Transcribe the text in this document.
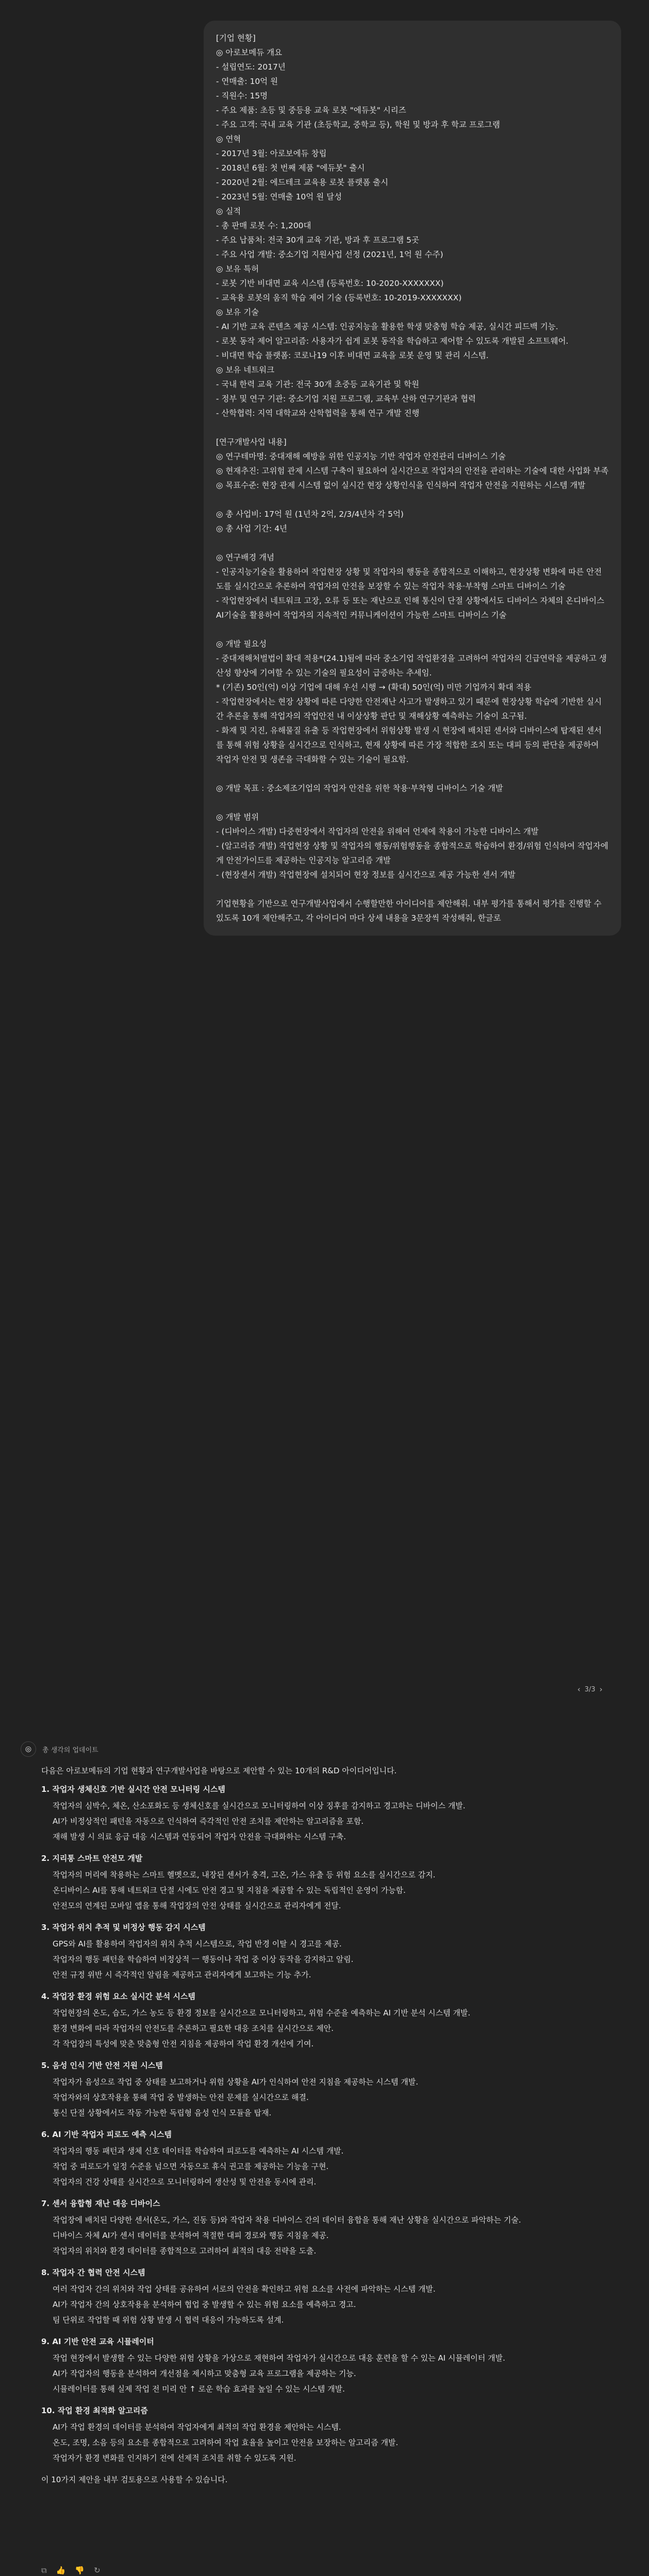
[기업 현황]
◎ 아로보메듀 개요
- 설립연도: 2017년
- 연매출: 10억 원
- 직원수: 15명
- 주요 제품: 초등 및 중등용 교육 로봇 "에듀봇" 시리즈
- 주요 고객: 국내 교육 기관 (초등학교, 중학교 등), 학원 및 방과 후 학교 프로그램
◎ 연혁
- 2017년 3월: 아로보에듀 창립
- 2018년 6월: 첫 번째 제품 "에듀봇" 출시
- 2020년 2월: 에드테크 교육용 로봇 플랫폼 출시
- 2023년 5월: 연매출 10억 원 달성
◎ 실적
- 총 판매 로봇 수: 1,200대
- 주요 납품처: 전국 30개 교육 기관, 방과 후 프로그램 5곳
- 주요 사업 개발: 중소기업 지원사업 선정 (2021년, 1억 원 수주)
◎ 보유 특허
- 로봇 기반 비대면 교육 시스템 (등록번호: 10-2020-XXXXXXX)
- 교육용 로봇의 움직 학습 제어 기술 (등록번호: 10-2019-XXXXXXX)
◎ 보유 기술
- AI 기반 교육 콘텐츠 제공 시스템: 인공지능을 활용한 학생 맞춤형 학습 제공, 실시간 피드백 기능.
- 로봇 동작 제어 알고리즘: 사용자가 쉽게 로봇 동작을 학습하고 제어할 수 있도록 개발된 소프트웨어.
- 비대면 학습 플랫폼: 코로나19 이후 비대면 교육을 로봇 운영 및 관리 시스템.
◎ 보유 네트워크
- 국내 한력 교육 기관: 전국 30개 초중등 교육기관 및 학원
- 정부 및 연구 기관: 중소기업 지원 프로그램, 교육부 산하 연구기관과 협력
- 산학협력: 지역 대학교와 산학협력을 통해 연구 개발 진행
[연구개발사업 내용]
◎ 연구테마명: 중대재해 예방을 위한 인공지능 기반 작업자 안전관리 디바이스 기술
◎ 현재추진: 고위험 관제 시스템 구축이 필요하여 실시간으로 작업자의 안전을 관리하는 기술에 대한 사업화 부족
◎ 목표수준: 현장 관제 시스템 없이 실시간 현장 상황인식을 인식하여 작업자 안전을 지원하는 시스템 개발
◎ 총 사업비: 17억 원 (1년차 2억, 2/3/4년차 각 5억)
◎ 총 사업 기간: 4년
◎ 연구배경 개념
- 인공지능기술을 활용하여 작업현장 상황 및 작업자의 행동을 종합적으로 이해하고, 현장상황 변화에 따른 안전도를 실시간으로 추론하여 작업자의 안전을 보장할 수 있는 작업자 착용·부착형 스마트 디바이스 기술
- 작업현장에서 네트워크 고장, 오류 등 또는 재난으로 인해 통신이 단절 상황에서도 디바이스 자체의 온디바이스 AI기술을 활용하여 작업자의 지속적인 커뮤니케이션이 가능한 스마트 디바이스 기술
◎ 개발 필요성
- 중대재해처벌법이 확대 적용*(24.1)됨에 따라 중소기업 작업환경을 고려하여 작업자의 긴급연락을 제공하고 생산성 향상에 기여할 수 있는 기술의 필요성이 급증하는 추세임.
* (기존) 50인(억) 이상 기업에 대해 우선 시행 → (확대) 50인(억) 미만 기업까지 확대 적용
- 작업현장에서는 현장 상황에 따른 다양한 안전재난 사고가 발생하고 있기 때문에 현장상황 학습에 기반한 실시간 추론을 통해 작업자의 작업안전 내 이상상황 판단 및 재해상황 예측하는 기술이 요구됨.
- 화재 및 지진, 유해물질 유출 등 작업현장에서 위험상황 발생 시 현장에 배치된 센서와 디바이스에 탑재된 센서를 통해 위험 상황을 실시간으로 인식하고, 현재 상황에 따른 가장 적합한 조치 또는 대피 등의 판단을 제공하여 작업자 안전 및 생존을 극대화할 수 있는 기술이 필요함.
◎ 개발 목표 : 중소제조기업의 작업자 안전을 위한 착용·부착형 디바이스 기술 개발
◎ 개발 범위
- (디바이스 개발) 다중현장에서 작업자의 안전을 위해여 언제에 착용이 가능한 디바이스 개발
- (알고리즘 개발) 작업현장 상황 및 작업자의 행동/위험행동을 종합적으로 학습하여 환경/위험 인식하여 작업자에게 안전가이드를 제공하는 인공지능 알고리즘 개발
- (현장센서 개발) 작업현장에 설치되어 현장 정보를 실시간으로 제공 가능한 센서 개발
기업현황을 기반으로 연구개발사업에서 수행할만한 아이디어를 제안해줘. 내부 평가를 통해서 평가를 진행할 수 있도록 10개 제안해주고, 각 아이디어 마다 상세 내용을 3문장씩 작성해줘, 한글로
‹ 3/3 ›
◎	총 생각의 업데이트

다음은 아로보메듀의 기업 현황과 연구개발사업을 바탕으로 제안할 수 있는 10개의 R&D 아이디어입니다.

1. 작업자 생체신호 기반 실시간 안전 모니터링 시스템
작업자의 심박수, 체온, 산소포화도 등 생체신호를 실시간으로 모니터링하여 이상 징후를 감지하고 경고하는 디바이스 개발.
AI가 비정상적인 패턴을 자동으로 인식하여 즉각적인 안전 조치를 제안하는 알고리즘을 포함.
재해 발생 시 의료 응급 대응 시스템과 연동되어 작업자 안전을 극대화하는 시스템 구축.
2. 지리통 스마트 안전모 개발
작업자의 머리에 착용하는 스마트 헬멧으로, 내장된 센서가 충격, 고온, 가스 유출 등 위험 요소를 실시간으로 감지.
온디바이스 AI를 통해 네트워크 단절 시에도 안전 경고 및 지침을 제공할 수 있는 독립적인 운영이 가능함.
안전모의 연계된 모바일 앱을 통해 작업장의 안전 상태를 실시간으로 관리자에게 전달.
3. 작업자 위치 추적 및 비정상 행동 감지 시스템
GPS와 AI를 활용하여 작업자의 위치 추적 시스템으로, 작업 반경 이탈 시 경고를 제공.
작업자의 행동 패턴을 학습하여 비정상적 ㅡ 행동이나 작업 중 이상 동작을 감지하고 알림.
안전 규정 위반 시 즉각적인 알림을 제공하고 관리자에게 보고하는 기능 추가.
4. 작업장 환경 위험 요소 실시간 분석 시스템
작업현장의 온도, 습도, 가스 농도 등 환경 정보를 실시간으로 모니터링하고, 위험 수준을 예측하는 AI 기반 분석 시스템 개발.
환경 변화에 따라 작업자의 안전도를 추론하고 필요한 대응 조치를 실시간으로 제안.
각 작업장의 특성에 맞춘 맞춤형 안전 지침을 제공하여 작업 환경 개선에 기여.
5. 음성 인식 기반 안전 지원 시스템
작업자가 음성으로 작업 중 상태를 보고하거나 위험 상황을 AI가 인식하여 안전 지침을 제공하는 시스템 개발.
작업자와의 상호작용을 통해 작업 중 발생하는 안전 문제를 실시간으로 해결.
통신 단절 상황에서도 작동 가능한 독립형 음성 인식 모듈을 탑재.
6. AI 기반 작업자 피로도 예측 시스템
작업자의 행동 패턴과 생체 신호 데이터를 학습하여 피로도를 예측하는 AI 시스템 개발.
작업 중 피로도가 일정 수준을 넘으면 자동으로 휴식 권고를 제공하는 기능을 구현.
작업자의 건강 상태를 실시간으로 모니터링하여 생산성 및 안전을 동시에 관리.
7. 센서 융합형 재난 대응 디바이스
작업장에 배치된 다양한 센서(온도, 가스, 진동 등)와 작업자 착용 디바이스 간의 데이터 융합을 통해 재난 상황을 실시간으로 파악하는 기술.
디바이스 자체 AI가 센서 데이터를 분석하여 적절한 대피 경로와 행동 지침을 제공.
작업자의 위치와 환경 데이터를 종합적으로 고려하여 최적의 대응 전략을 도출.
8. 작업자 간 협력 안전 시스템
여러 작업자 간의 위치와 작업 상태를 공유하여 서로의 안전을 확인하고 위험 요소를 사전에 파악하는 시스템 개발.
AI가 작업자 간의 상호작용을 분석하여 협업 중 발생할 수 있는 위험 요소를 예측하고 경고.
팀 단위로 작업할 때 위험 상황 발생 시 협력 대응이 가능하도록 설계.
9. AI 기반 안전 교육 시뮬레이터
작업 현장에서 발생할 수 있는 다양한 위험 상황을 가상으로 재현하여 작업자가 실시간으로 대응 훈련을 할 수 있는 AI 시뮬레이터 개발.
AI가 작업자의 행동을 분석하여 개선점을 제시하고 맞춤형 교육 프로그램을 제공하는 기능.
시뮬레이터를 통해 실제 작업 전 미리 안 ↑ 로운 학습 효과를 높일 수 있는 시스템 개발.
10. 작업 환경 최적화 알고리즘
AI가 작업 환경의 데이터를 분석하여 작업자에게 최적의 작업 환경을 제안하는 시스템.
온도, 조명, 소음 등의 요소를 종합적으로 고려하여 작업 효율을 높이고 안전을 보장하는 알고리즘 개발.
작업자가 환경 변화를 인지하기 전에 선제적 조치를 취할 수 있도록 지원.

이 10가지 제안을 내부 검토용으로 사용할 수 있습니다.

⧉ 👍 👎 ↻
